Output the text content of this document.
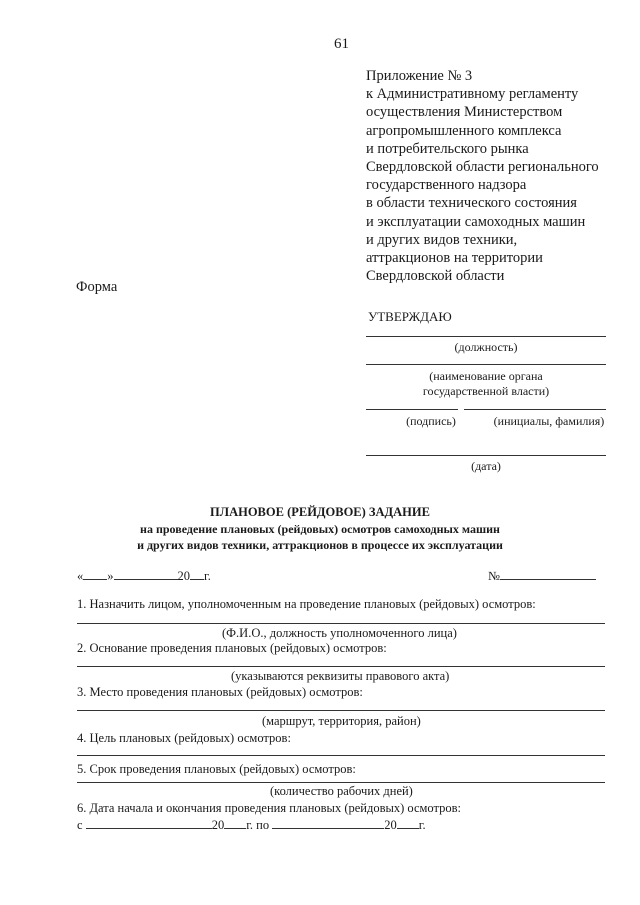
61
Приложение № 3
к Административному регламенту
осуществления Министерством
агропромышленного комплекса
и потребительского рынка
Свердловской области регионального
государственного надзора
в области технического состояния
и эксплуатации самоходных машин
и других видов техники,
аттракционов на территории
Свердловской области
Форма
УТВЕРЖДАЮ
(должность)
(наименование органа
государственной власти)
(подпись)	(инициалы, фамилия)
(дата)
ПЛАНОВОЕ (РЕЙДОВОЕ) ЗАДАНИЕ
на проведение плановых (рейдовых) осмотров самоходных машин
и других видов техники, аттракционов в процессе их эксплуатации
« »	20 г.	№
1. Назначить лицом, уполномоченным на проведение плановых (рейдовых) осмотров:
(Ф.И.О., должность уполномоченного лица)
2. Основание проведения плановых (рейдовых) осмотров:
(указываются реквизиты правового акта)
3. Место проведения плановых (рейдовых) осмотров:
(маршрут, территория, район)
4. Цель плановых (рейдовых) осмотров:
5. Срок проведения плановых (рейдовых) осмотров:
(количество рабочих дней)
6. Дата начала и окончания проведения плановых (рейдовых) осмотров:
с	20 г. по	20 г.
